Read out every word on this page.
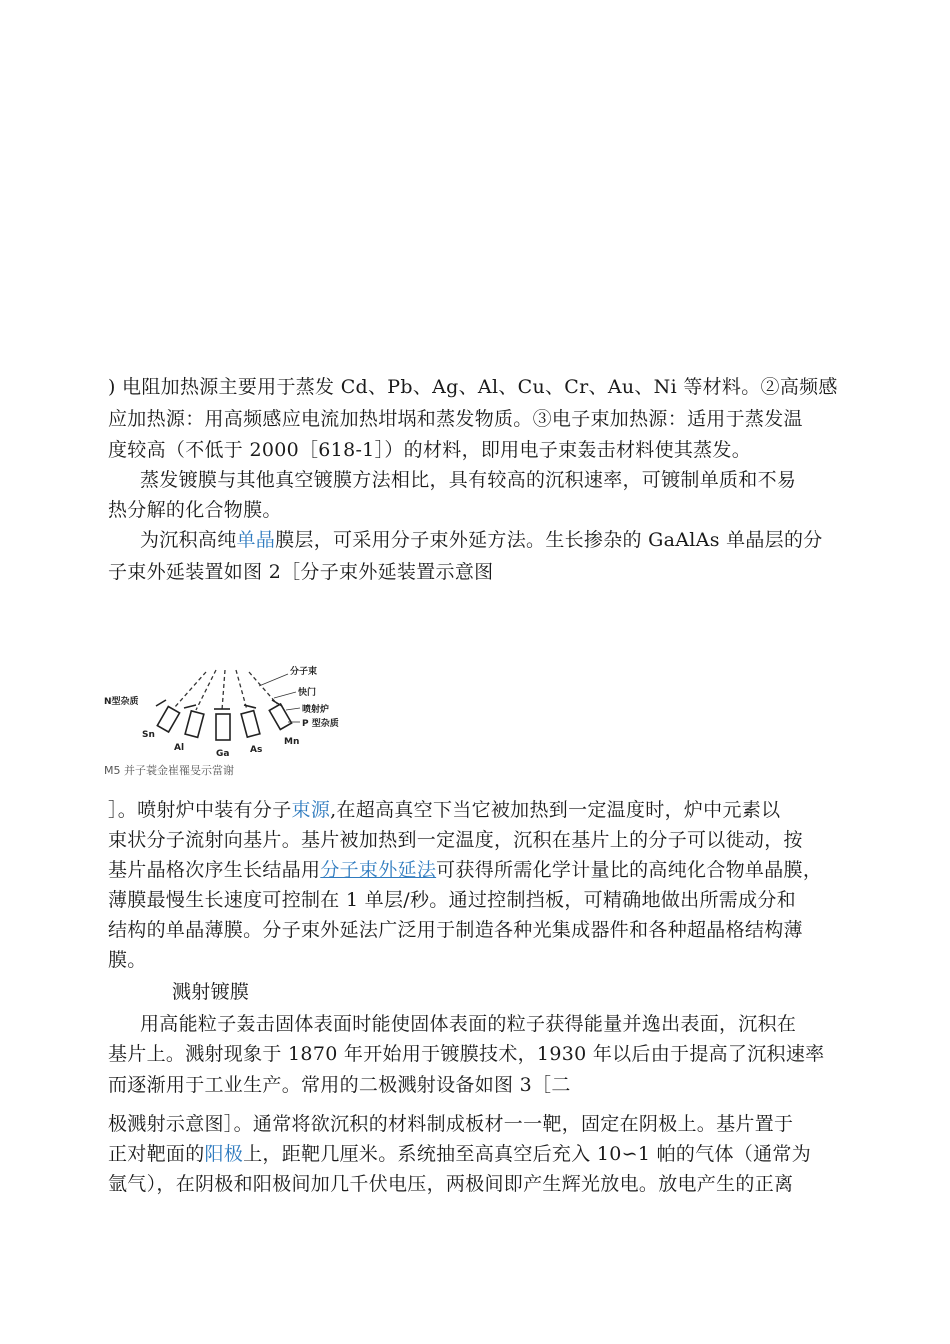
) 电阻加热源主要用于蒸发 Cd、Pb、Ag、Al、Cu、Cr、Au、Ni 等材料。②高频感
应加热源：用高频感应电流加热坩埚和蒸发物质。③电子束加热源：适用于蒸发温
度较高（不低于 2000［618-1］）的材料，即用电子束轰击材料使其蒸发。
蒸发镀膜与其他真空镀膜方法相比，具有较高的沉积速率，可镀制单质和不易
热分解的化合物膜。
为沉积高纯单晶膜层，可采用分子束外延方法。生长掺杂的 GaAlAs 单晶层的分
子束外延装置如图 2［分子束外延装置示意图
N型杂质
Sn
Al
Ga As
Mn
分子束
快门
喷射炉
P 型杂质
M5 并子蓑金崔罹旻示當谢
］。喷射炉中装有分子束源,在超高真空下当它被加热到一定温度时，炉中元素以
束状分子流射向基片。基片被加热到一定温度，沉积在基片上的分子可以徙动，按
基片晶格次序生长结晶用分子束外延法可获得所需化学计量比的高纯化合物单晶膜，
薄膜最慢生长速度可控制在 1 单层/秒。通过控制挡板，可精确地做出所需成分和
结构的单晶薄膜。分子束外延法广泛用于制造各种光集成器件和各种超晶格结构薄
膜。
溅射镀膜
用高能粒子轰击固体表面时能使固体表面的粒子获得能量并逸出表面，沉积在
基片上。溅射现象于 1870 年开始用于镀膜技术，1930 年以后由于提高了沉积速率
而逐渐用于工业生产。常用的二极溅射设备如图 3［二
极溅射示意图］。通常将欲沉积的材料制成板材一一靶，固定在阴极上。基片置于
正对靶面的阳极上，距靶几厘米。系统抽至高真空后充入 10∽1 帕的气体（通常为
氩气），在阴极和阳极间加几千伏电压，两极间即产生辉光放电。放电产生的正离
